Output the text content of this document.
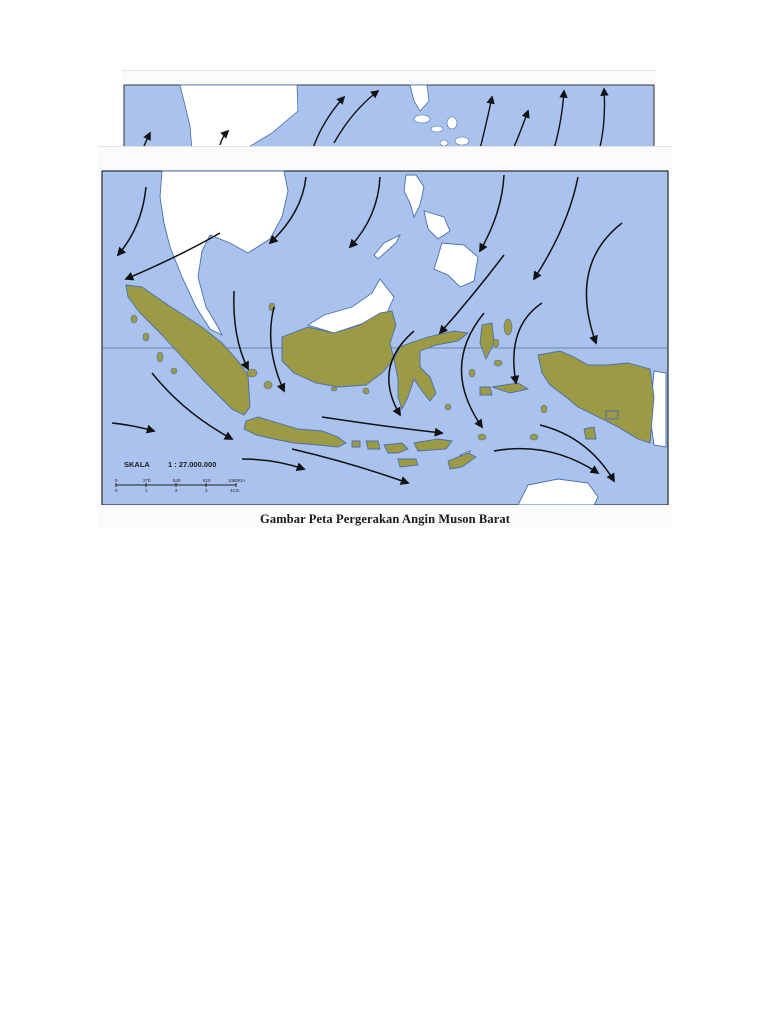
SKALA 1 : 27.000.000
0	270	540	810	1080Km
0	1	2	3	4Cm
Gambar Peta Pergerakan Angin Muson Barat
